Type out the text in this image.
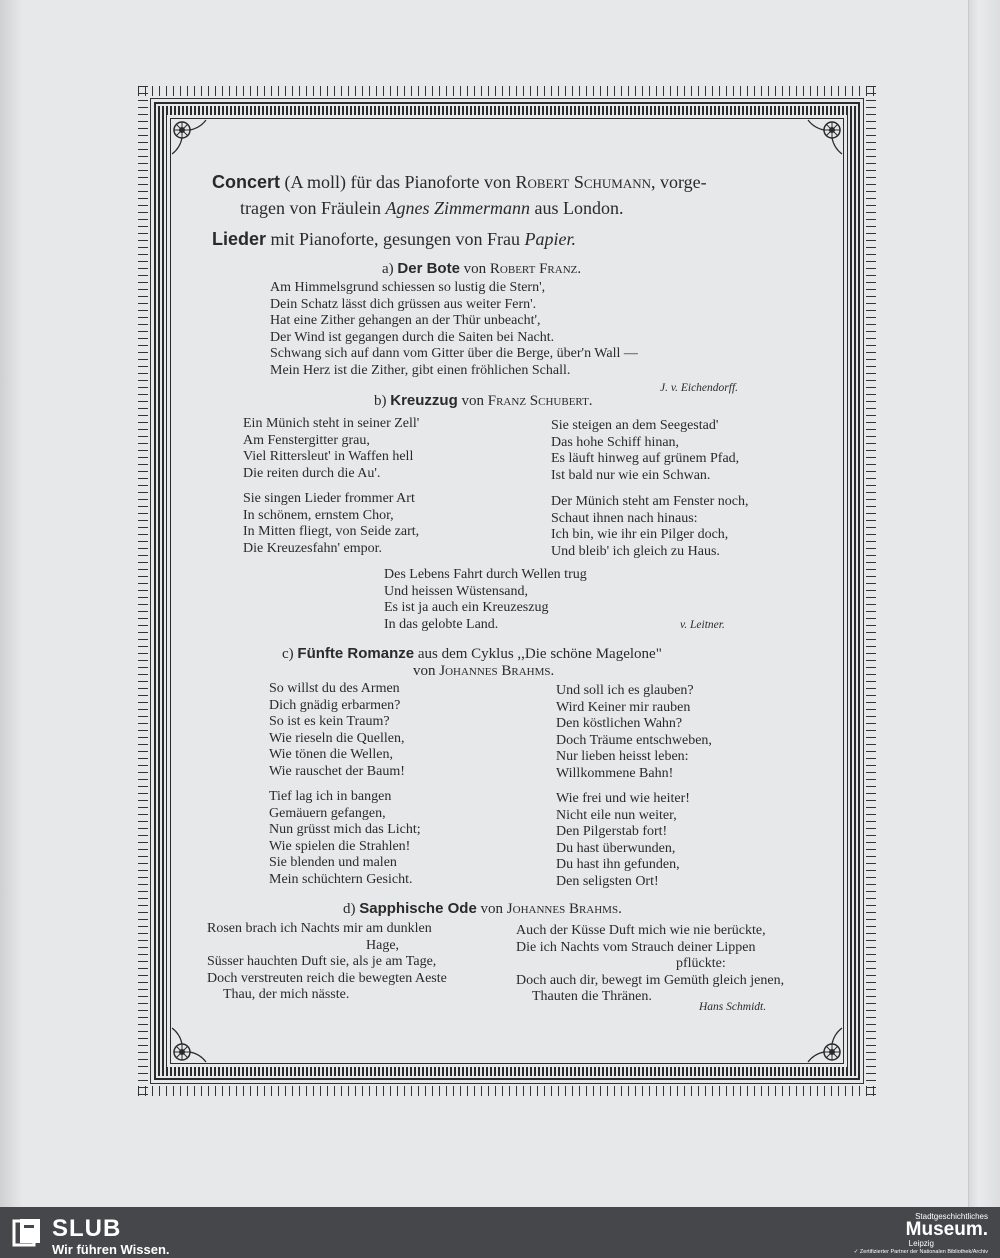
Concert (A moll) für das Pianoforte von Robert Schumann, vorge-
tragen von Fräulein Agnes Zimmermann aus London.
Lieder mit Pianoforte, gesungen von Frau Papier.
a) Der Bote von Robert Franz.
Am Himmelsgrund schiessen so lustig die Stern',
Dein Schatz lässt dich grüssen aus weiter Fern'.
Hat eine Zither gehangen an der Thür unbeacht',
Der Wind ist gegangen durch die Saiten bei Nacht.
Schwang sich auf dann vom Gitter über die Berge, über'n Wall —
Mein Herz ist die Zither, gibt einen fröhlichen Schall.
J. v. Eichendorff.
b) Kreuzzug von Franz Schubert.
Ein Münich steht in seiner Zell'
Am Fenstergitter grau,
Viel Rittersleut' in Waffen hell
Die reiten durch die Au'.
Sie singen Lieder frommer Art
In schönem, ernstem Chor,
In Mitten fliegt, von Seide zart,
Die Kreuzesfahn' empor.
Sie steigen an dem Seegestad'
Das hohe Schiff hinan,
Es läuft hinweg auf grünem Pfad,
Ist bald nur wie ein Schwan.
Der Münich steht am Fenster noch,
Schaut ihnen nach hinaus:
Ich bin, wie ihr ein Pilger doch,
Und bleib' ich gleich zu Haus.
Des Lebens Fahrt durch Wellen trug
Und heissen Wüstensand,
Es ist ja auch ein Kreuzeszug
In das gelobte Land.	v. Leitner.
c) Fünfte Romanze aus dem Cyklus ,,Die schöne Magelone"
von Johannes Brahms.
So willst du des Armen
Dich gnädig erbarmen?
So ist es kein Traum?
Wie rieseln die Quellen,
Wie tönen die Wellen,
Wie rauschet der Baum!
Tief lag ich in bangen
Gemäuern gefangen,
Nun grüsst mich das Licht;
Wie spielen die Strahlen!
Sie blenden und malen
Mein schüchtern Gesicht.
Und soll ich es glauben?
Wird Keiner mir rauben
Den köstlichen Wahn?
Doch Träume entschweben,
Nur lieben heisst leben:
Willkommene Bahn!
Wie frei und wie heiter!
Nicht eile nun weiter,
Den Pilgerstab fort!
Du hast überwunden,
Du hast ihn gefunden,
Den seligsten Ort!
d) Sapphische Ode von Johannes Brahms.
Rosen brach ich Nachts mir am dunklen
Hage,
Süsser hauchten Duft sie, als je am Tage,
Doch verstreuten reich die bewegten Aeste
Thau, der mich nässte.
Auch der Küsse Duft mich wie nie berückte,
Die ich Nachts vom Strauch deiner Lippen
pflückte:
Doch auch dir, bewegt im Gemüth gleich jenen,
Thauten die Thränen.
Hans Schmidt.
SLUB
Wir führen Wissen.
Stadtgeschichtliches
Museum.
Leipzig
✓ Zertifizierter Partner der Nationalen Bibliothek/Archiv
